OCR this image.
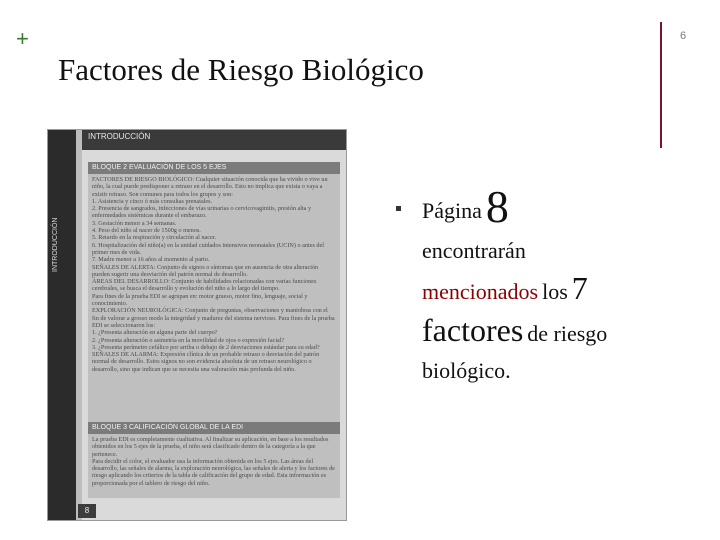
+	6
Factores de Riesgo Biológico
INTRODUCCIÓN
INTRODUCCIÓN
BLOQUE 2 EVALUACIÓN DE LOS 5 EJES

FACTORES DE RIESGO BIOLÓGICO: Cualquier situación conocida que ha vivido o vive un niño, la cual puede predisponer a retraso en el desarrollo. Esto no implica que exista o vaya a existir retraso. Son comunes para todos los grupos y son:

1. Asistencia y cinco ó más consultas prenatales.

2. Presencia de sangrados, infecciones de vías urinarias o cervicovaginitis, presión alta y enfermedades sistémicas durante el embarazo.

3. Gestación menor a 34 semanas.

4. Peso del niño al nacer de 1500g o menos.

5. Retardo en la respiración y circulación al nacer.

6. Hospitalización del niño(a) en la unidad cuidados intensivos neonatales (UCIN) o antes del primer mes de vida.

7. Madre menor a 16 años al momento al parto.

SEÑALES DE ALERTA: Conjunto de signos o síntomas que en ausencia de otra alteración pueden sugerir una desviación del patrón normal de desarrollo.

ÁREAS DEL DESARROLLO: Conjunto de habilidades relacionadas con varias funciones cerebrales, se busca el desarrollo y evolución del niño a lo largo del tiempo.

Para fines de la prueba EDI se agrupan en: motor grueso, motor fino, lenguaje, social y conocimiento.

EXPLORACIÓN NEUROLÓGICA: Conjunto de preguntas, observaciones y maniobras con el fin de valorar a grosso modo la integridad y madurez del sistema nervioso. Para fines de la prueba EDI se seleccionaron los:

1. ¿Presenta alteración en alguna parte del cuerpo?

2. ¿Presenta alteración o asimetría en la movilidad de ojos o expresión facial?

3. ¿Presenta perímetro cefálico por arriba o debajo de 2 desviaciones estándar para su edad?

SEÑALES DE ALARMA: Expresión clínica de un probable retraso o desviación del patrón normal de desarrollo. Estos signos no son evidencia absoluta de un retraso neurológico o desarrollo, sino que indican que se necesita una valoración más profunda del niño.

BLOQUE 3 CALIFICACIÓN GLOBAL DE LA EDI

La prueba EDI es completamente cualitativa. Al finalizar su aplicación, en base a los resultados obtenidos en los 5 ejes de la prueba, el niño será clasificado dentro de la categoría a la que pertenece.

Para decidir el color, el evaluador usa la información obtenida en los 5 ejes. Las áreas del desarrollo, las señales de alarma, la exploración neurológica, las señales de alerta y los factores de riesgo aplicando los criterios de la tabla de calificación del grupo de edad. Esta información es proporcionada por el tablero de riesgo del niño.

8
Página 8
encontrarán
mencionados los 7
factores de riesgo
biológico.
